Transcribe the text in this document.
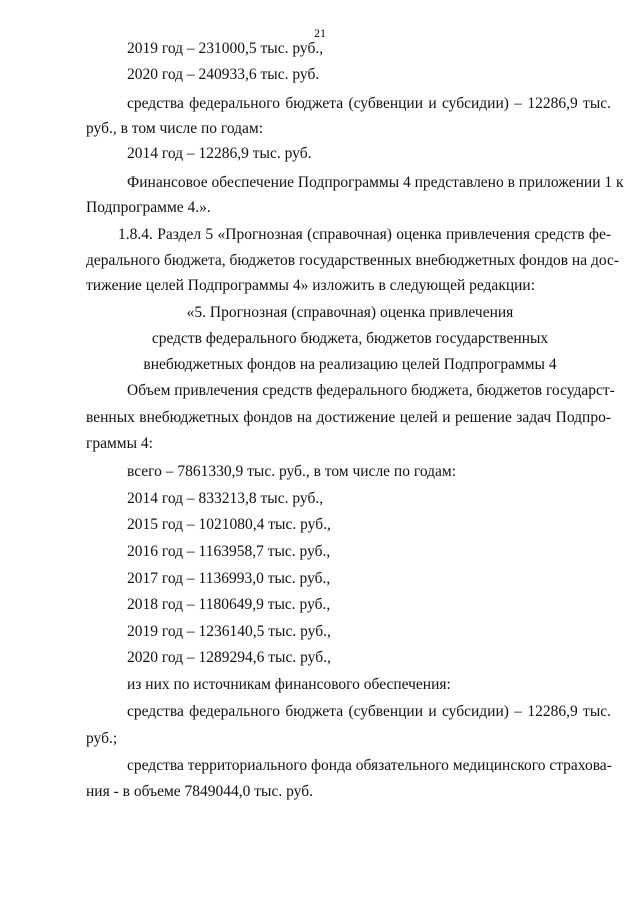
21
2019 год – 231000,5 тыс. руб.,
2020 год – 240933,6 тыс. руб.
средства федерального бюджета (субвенции и субсидии) – 12286,9 тыс.
руб., в том числе по годам:
2014 год – 12286,9 тыс. руб.
Финансовое обеспечение Подпрограммы 4 представлено в приложении 1 к
Подпрограмме 4.».
1.8.4. Раздел 5 «Прогнозная (справочная) оценка привлечения средств фе-
дерального бюджета, бюджетов государственных внебюджетных фондов на дос-
тижение целей Подпрограммы 4» изложить в следующей редакции:
«5. Прогнозная (справочная) оценка привлечения
средств федерального бюджета, бюджетов государственных
внебюджетных фондов на реализацию целей Подпрограммы 4
Объем привлечения средств федерального бюджета, бюджетов государст-
венных внебюджетных фондов на достижение целей и решение задач Подпро-
граммы 4:
всего – 7861330,9 тыс. руб., в том числе по годам:
2014 год – 833213,8 тыс. руб.,
2015 год – 1021080,4 тыс. руб.,
2016 год – 1163958,7 тыс. руб.,
2017 год – 1136993,0 тыс. руб.,
2018 год – 1180649,9 тыс. руб.,
2019 год – 1236140,5 тыс. руб.,
2020 год – 1289294,6 тыс. руб.,
из них по источникам финансового обеспечения:
средства федерального бюджета (субвенции и субсидии) – 12286,9 тыс.
руб.;
средства территориального фонда обязательного медицинского страхова-
ния - в объеме 7849044,0 тыс. руб.
